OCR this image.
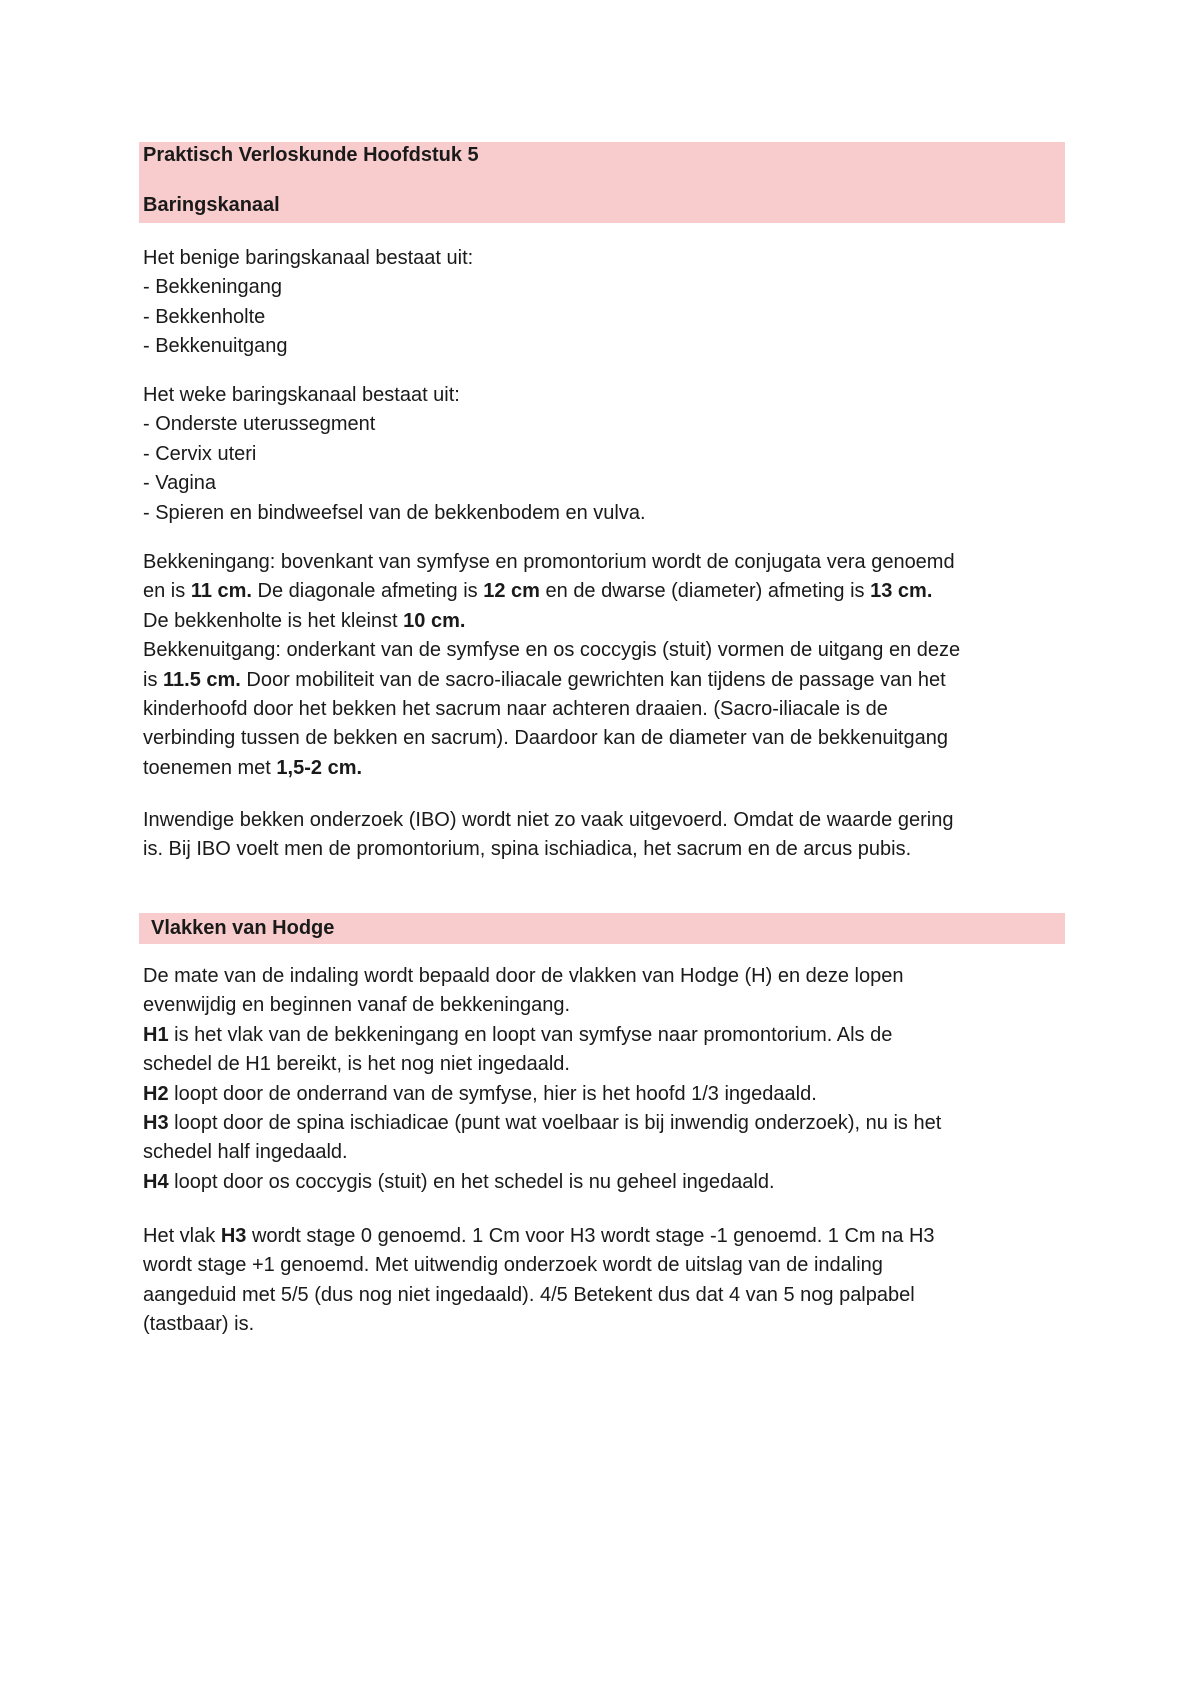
Praktisch Verloskunde Hoofdstuk 5
Baringskanaal
Het benige baringskanaal bestaat uit:
- Bekkeningang
- Bekkenholte
- Bekkenuitgang
Het weke baringskanaal bestaat uit:
- Onderste uterussegment
- Cervix uteri
- Vagina
- Spieren en bindweefsel van de bekkenbodem en vulva.
Bekkeningang: bovenkant van symfyse en promontorium wordt de conjugata vera genoemd
en is 11 cm. De diagonale afmeting is 12 cm en de dwarse (diameter) afmeting is 13 cm.
De bekkenholte is het kleinst 10 cm.
Bekkenuitgang: onderkant van de symfyse en os coccygis (stuit) vormen de uitgang en deze
is 11.5 cm. Door mobiliteit van de sacro-iliacale gewrichten kan tijdens de passage van het
kinderhoofd door het bekken het sacrum naar achteren draaien. (Sacro-iliacale is de
verbinding tussen de bekken en sacrum). Daardoor kan de diameter van de bekkenuitgang
toenemen met 1,5-2 cm.
Inwendige bekken onderzoek (IBO) wordt niet zo vaak uitgevoerd. Omdat de waarde gering
is. Bij IBO voelt men de promontorium, spina ischiadica, het sacrum en de arcus pubis.
Vlakken van Hodge
De mate van de indaling wordt bepaald door de vlakken van Hodge (H) en deze lopen
evenwijdig en beginnen vanaf de bekkeningang.
H1 is het vlak van de bekkeningang en loopt van symfyse naar promontorium. Als de
schedel de H1 bereikt, is het nog niet ingedaald.
H2 loopt door de onderrand van de symfyse, hier is het hoofd 1/3 ingedaald.
H3 loopt door de spina ischiadicae (punt wat voelbaar is bij inwendig onderzoek), nu is het
schedel half ingedaald.
H4 loopt door os coccygis (stuit) en het schedel is nu geheel ingedaald.
Het vlak H3 wordt stage 0 genoemd. 1 Cm voor H3 wordt stage -1 genoemd. 1 Cm na H3
wordt stage +1 genoemd. Met uitwendig onderzoek wordt de uitslag van de indaling
aangeduid met 5/5 (dus nog niet ingedaald). 4/5 Betekent dus dat 4 van 5 nog palpabel
(tastbaar) is.
